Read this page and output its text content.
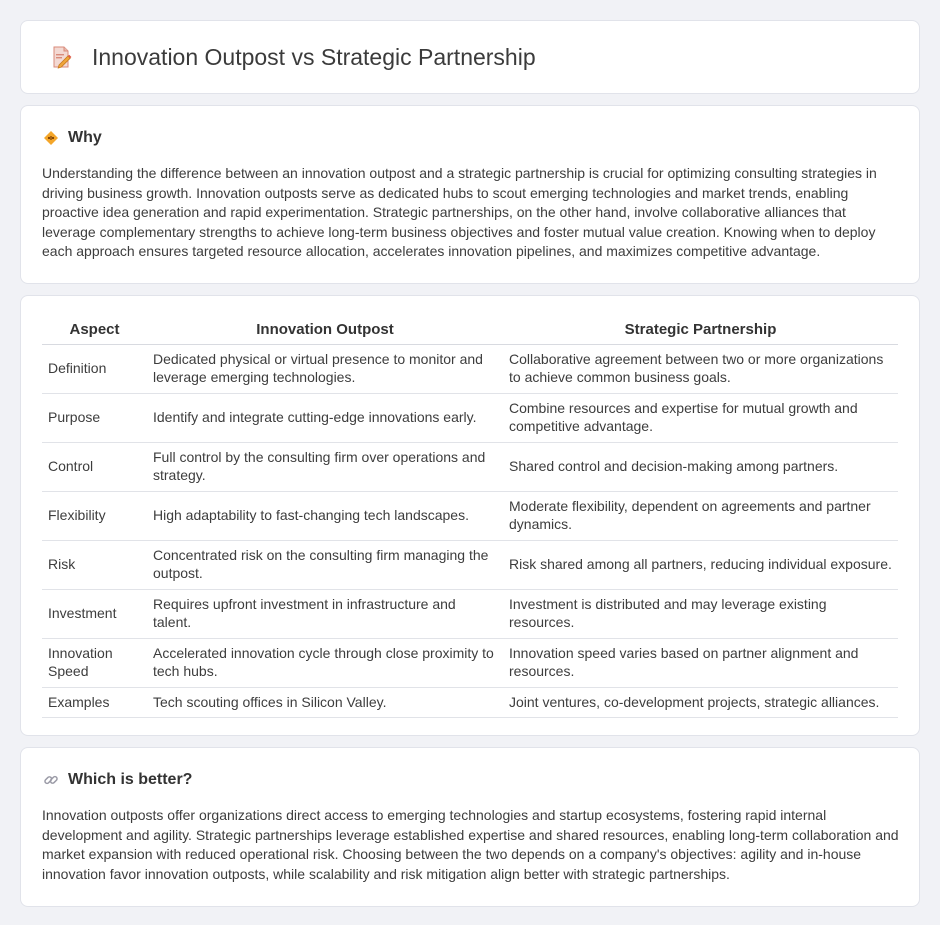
Innovation Outpost vs Strategic Partnership
Why

Understanding the difference between an innovation outpost and a strategic partnership is crucial for optimizing consulting strategies in driving business growth. Innovation outposts serve as dedicated hubs to scout emerging technologies and market trends, enabling proactive idea generation and rapid experimentation. Strategic partnerships, on the other hand, involve collaborative alliances that leverage complementary strengths to achieve long-term business objectives and foster mutual value creation. Knowing when to deploy each approach ensures targeted resource allocation, accelerates innovation pipelines, and maximizes competitive advantage.

Aspect	Innovation Outpost	Strategic Partnership
Definition	Dedicated physical or virtual presence to monitor and leverage emerging technologies.	Collaborative agreement between two or more organizations to achieve common business goals.
Purpose	Identify and integrate cutting-edge innovations early.	Combine resources and expertise for mutual growth and competitive advantage.
Control	Full control by the consulting firm over operations and strategy.	Shared control and decision-making among partners.
Flexibility	High adaptability to fast-changing tech landscapes.	Moderate flexibility, dependent on agreements and partner dynamics.
Risk	Concentrated risk on the consulting firm managing the outpost.	Risk shared among all partners, reducing individual exposure.
Investment	Requires upfront investment in infrastructure and talent.	Investment is distributed and may leverage existing resources.
Innovation Speed	Accelerated innovation cycle through close proximity to tech hubs.	Innovation speed varies based on partner alignment and resources.
Examples	Tech scouting offices in Silicon Valley.	Joint ventures, co-development projects, strategic alliances.
Which is better?

Innovation outposts offer organizations direct access to emerging technologies and startup ecosystems, fostering rapid internal development and agility. Strategic partnerships leverage established expertise and shared resources, enabling long-term collaboration and market expansion with reduced operational risk. Choosing between the two depends on a company's objectives: agility and in-house innovation favor innovation outposts, while scalability and risk mitigation align better with strategic partnerships.
